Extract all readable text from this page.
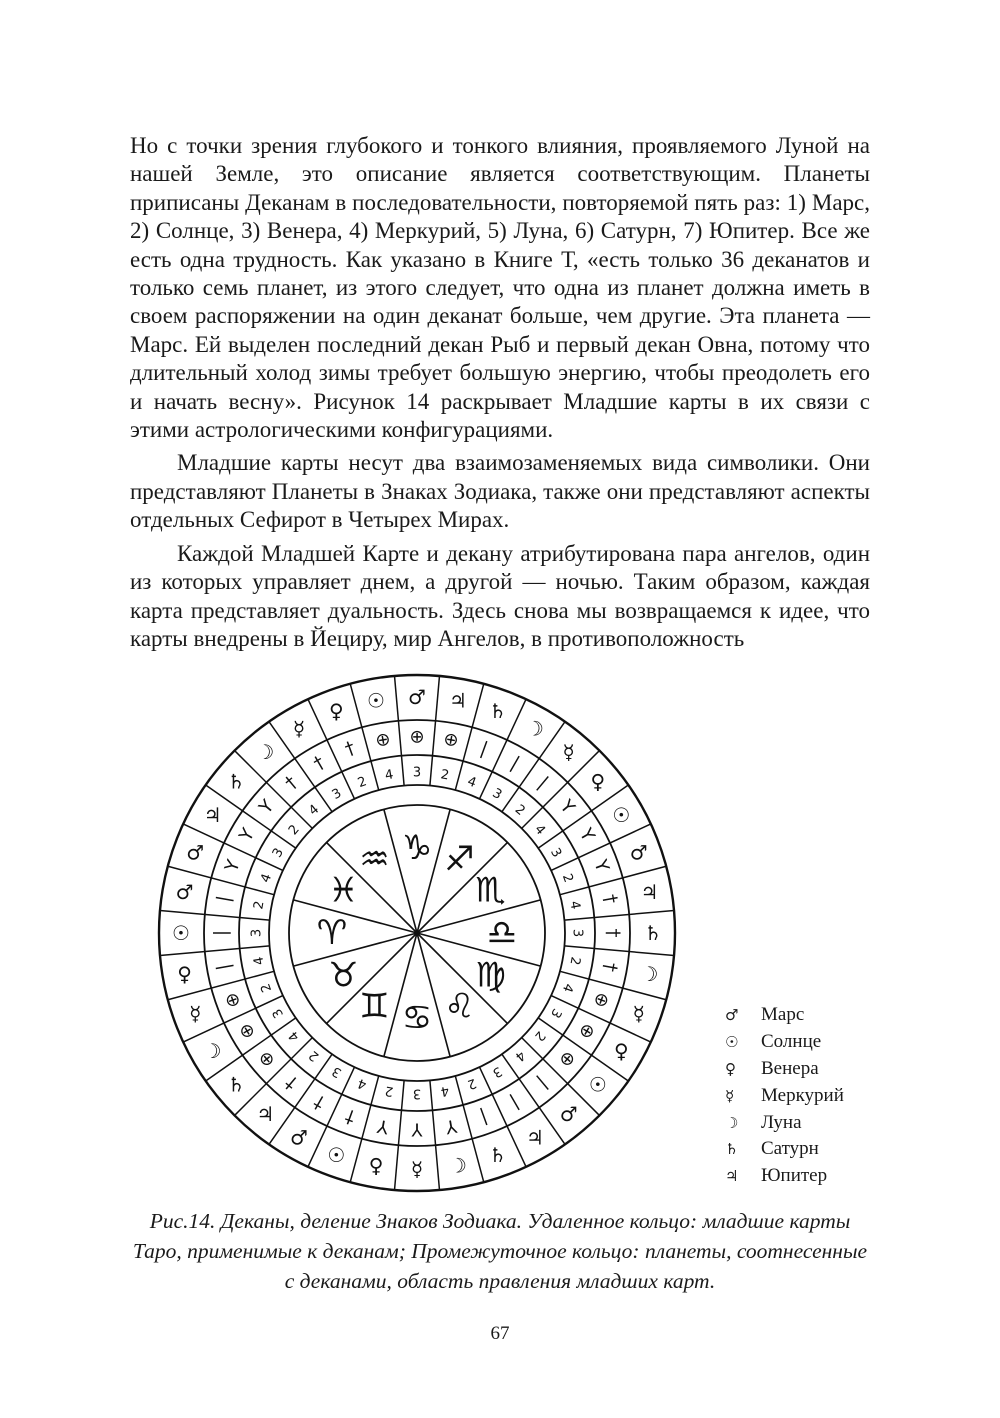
Но с точки зрения глубокого и тонкого влияния, проявляемого Луной на нашей Земле, это описание является соответствующим. Планеты приписаны Деканам в последовательности, повторяемой пять раз: 1) Марс, 2) Солнце, 3) Венера, 4) Меркурий, 5) Луна, 6) Сатурн, 7) Юпитер. Все же есть одна трудность. Как указано в Книге Т, «есть только 36 деканатов и только семь планет, из этого следует, что одна из планет должна иметь в своем распоряжении на один деканат больше, чем другие. Эта планета — Марс. Ей выделен последний декан Рыб и первый декан Овна, потому что длительный холод зимы требует большую энергию, чтобы преодолеть его и начать весну». Рисунок 14 раскрывает Младшие карты в их связи с этими астрологическими конфигурациями.

Младшие карты несут два взаимозаменяемых вида символики. Они представляют Планеты в Знаках Зодиака, также они представляют аспекты отдельных Сефирот в Четырех Мирах.

Каждой Младшей Карте и декану атрибутирована пара ангелов, один из которых управляет днем, а другой — ночью. Таким образом, каждая карта представляет дуальность. Здесь снова мы возвращаемся к идее, что карты внедрены в Йециру, мир Ангелов, в противоположность

♈
♉
♊ ♋ ♌
♍
♎
♏
♐
♑
♒
♓
♂
☉
♀
☿
☽
♄
♃
♂
☉ ♀ ☿ ☽ ♄
♃
♂
☉
♀
☿
☽
♄
♃
♂
☉
♀
☿
☽
♄
♃
♂
☉
♀
☿
☽
♄
♃
♂
|
2
| 3
|
4
⊕
2
⊕
3
⊕
4
†
2
†
3
†
4
Y
2
Y
3
Y
4
|
2
|
3
|
4 ⊕
2 ⊕
3
⊕
4
†
2
†
3
†
4
Y
2
Y
3
Y
4
|
2
|
3
|
4
⊕
2
⊕
3
⊕
4
†
2
†
3
†
4
Y
2
Y
3
Y
4
♂	Марс
☉	Солнце
♀	Венера
☿	Меркурий
☽	Луна
♄	Сатурн
♃	Юпитер
Рис.14. Деканы, деление Знаков Зодиака. Удаленное кольцо: младшие карты Таро, применимые к деканам; Промежуточное кольцо: планеты, соотнесенные с деканами, область правления младших карт.
67
